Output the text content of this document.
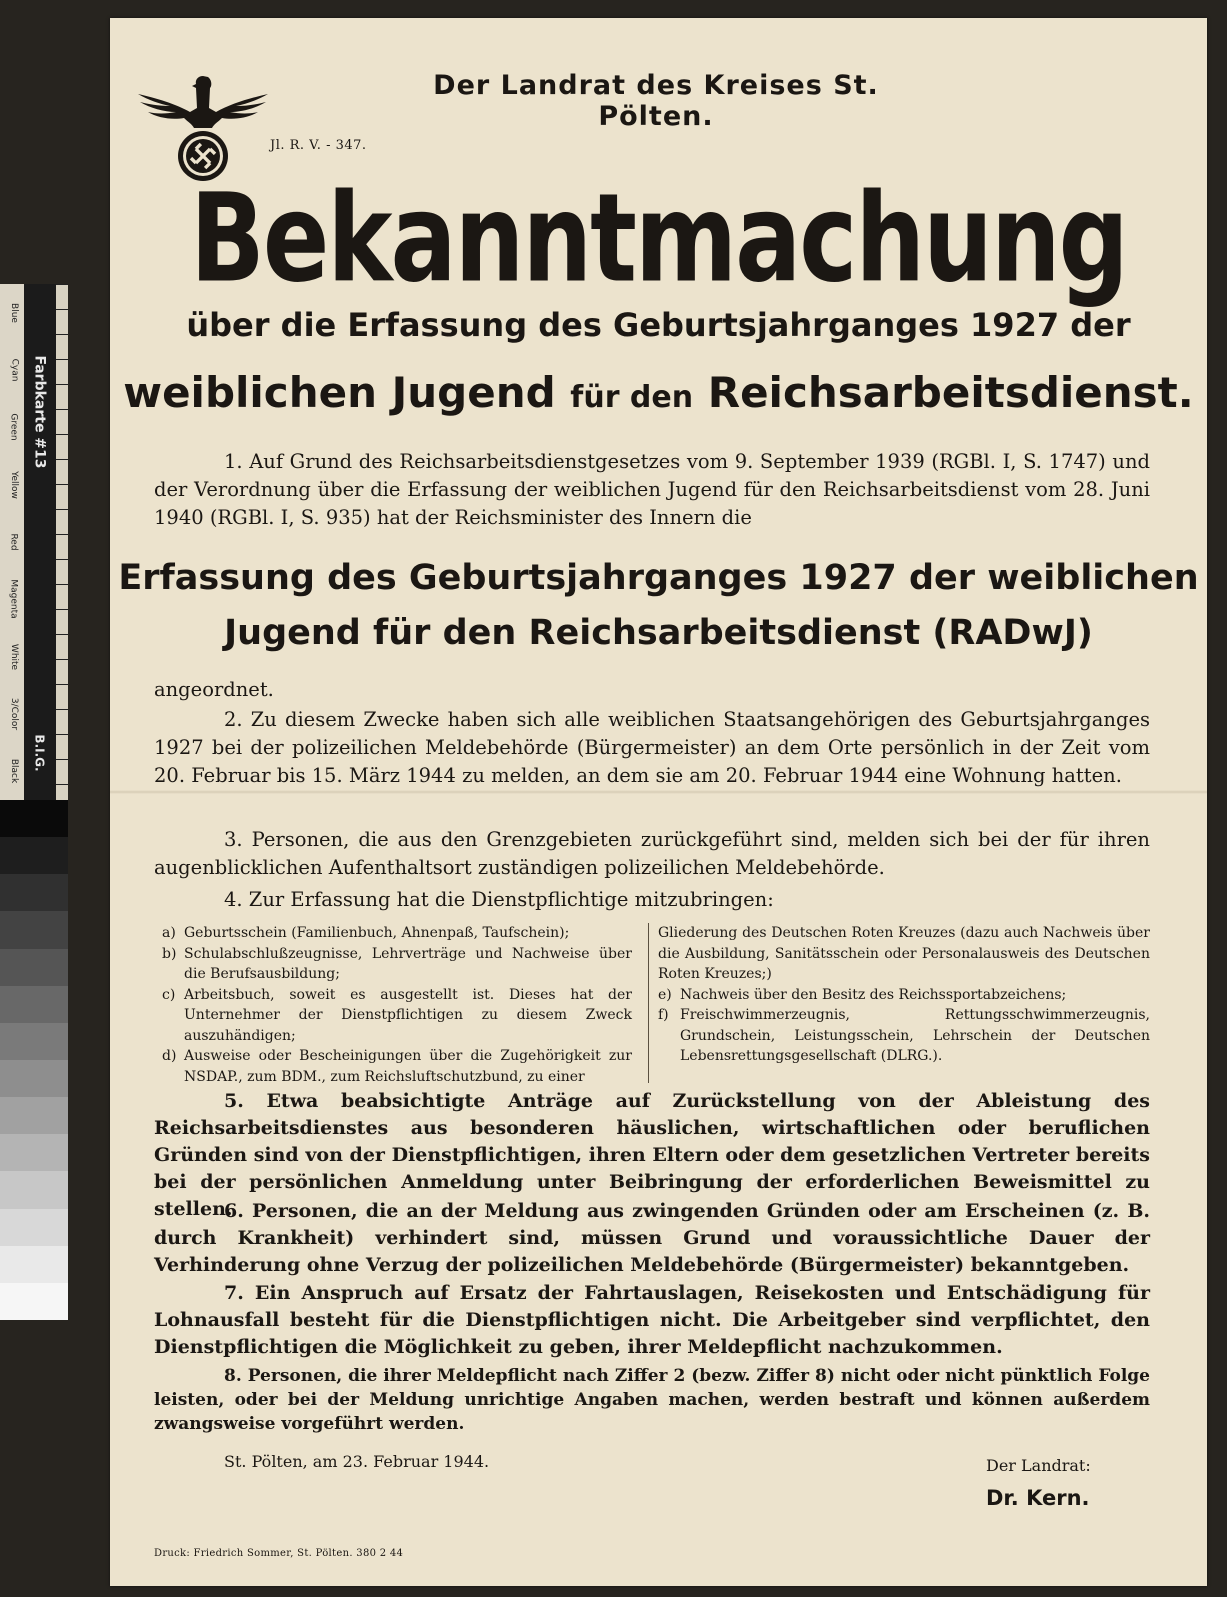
Blue
Cyan
Green
Yellow
Red
Magenta
White
3/Color
Black
Farbkarte #13
B.I.G.
Jl. R. V. - 347.
Der Landrat des Kreises St. Pölten.
Bekanntmachung
über die Erfassung des Geburtsjahrganges 1927 der
weiblichen Jugend für den Reichsarbeitsdienst.
1. Auf Grund des Reichsarbeitsdienstgesetzes vom 9. September 1939 (RGBl. I, S. 1747) und der Verordnung über die Erfassung der weiblichen Jugend für den Reichsarbeitsdienst vom 28. Juni 1940 (RGBl. I, S. 935) hat der Reichsminister des Innern die
Erfassung des Geburtsjahrganges 1927 der weiblichen
Jugend für den Reichsarbeitsdienst (RADwJ)
angeordnet.
2. Zu diesem Zwecke haben sich alle weiblichen Staatsangehörigen des Geburtsjahrganges 1927 bei der polizeilichen Meldebehörde (Bürgermeister) an dem Orte persönlich in der Zeit vom 20. Februar bis 15. März 1944 zu melden, an dem sie am 20. Februar 1944 eine Wohnung hatten.
3. Personen, die aus den Grenzgebieten zurückgeführt sind, melden sich bei der für ihren augenblicklichen Aufenthaltsort zuständigen polizeilichen Meldebehörde.
4. Zur Erfassung hat die Dienstpflichtige mitzubringen:
a) Geburtsschein (Familienbuch, Ahnenpaß, Taufschein);
b) Schulabschlußzeugnisse, Lehrverträge und Nachweise über die Berufsausbildung;
c) Arbeitsbuch, soweit es ausgestellt ist. Dieses hat der Unternehmer der Dienstpflichtigen zu diesem Zweck auszuhändigen;
d) Ausweise oder Bescheinigungen über die Zugehörigkeit zur NSDAP., zum BDM., zum Reichsluftschutzbund, zu einer
Gliederung des Deutschen Roten Kreuzes (dazu auch Nachweis über die Ausbildung, Sanitätsschein oder Personalausweis des Deutschen Roten Kreuzes;)
e) Nachweis über den Besitz des Reichssportabzeichens;
f) Freischwimmerzeugnis, Rettungsschwimmerzeugnis, Grundschein, Leistungsschein, Lehrschein der Deutschen Lebensrettungsgesellschaft (DLRG.).
5. Etwa beabsichtigte Anträge auf Zurückstellung von der Ableistung des Reichsarbeitsdienstes aus besonderen häuslichen, wirtschaftlichen oder beruflichen Gründen sind von der Dienstpflichtigen, ihren Eltern oder dem gesetzlichen Vertreter bereits bei der persönlichen Anmeldung unter Beibringung der erforderlichen Beweismittel zu stellen.
6. Personen, die an der Meldung aus zwingenden Gründen oder am Erscheinen (z. B. durch Krankheit) verhindert sind, müssen Grund und voraussichtliche Dauer der Verhinderung ohne Verzug der polizeilichen Meldebehörde (Bürgermeister) bekanntgeben.
7. Ein Anspruch auf Ersatz der Fahrtauslagen, Reisekosten und Entschädigung für Lohnausfall besteht für die Dienstpflichtigen nicht. Die Arbeitgeber sind verpflichtet, den Dienstpflichtigen die Möglichkeit zu geben, ihrer Meldepflicht nachzukommen.
8. Personen, die ihrer Meldepflicht nach Ziffer 2 (bezw. Ziffer 8) nicht oder nicht pünktlich Folge leisten, oder bei der Meldung unrichtige Angaben machen, werden bestraft und können außerdem zwangsweise vorgeführt werden.
St. Pölten, am 23. Februar 1944.	Der Landrat:
Dr. Kern.
Druck: Friedrich Sommer, St. Pölten. 380 2 44
